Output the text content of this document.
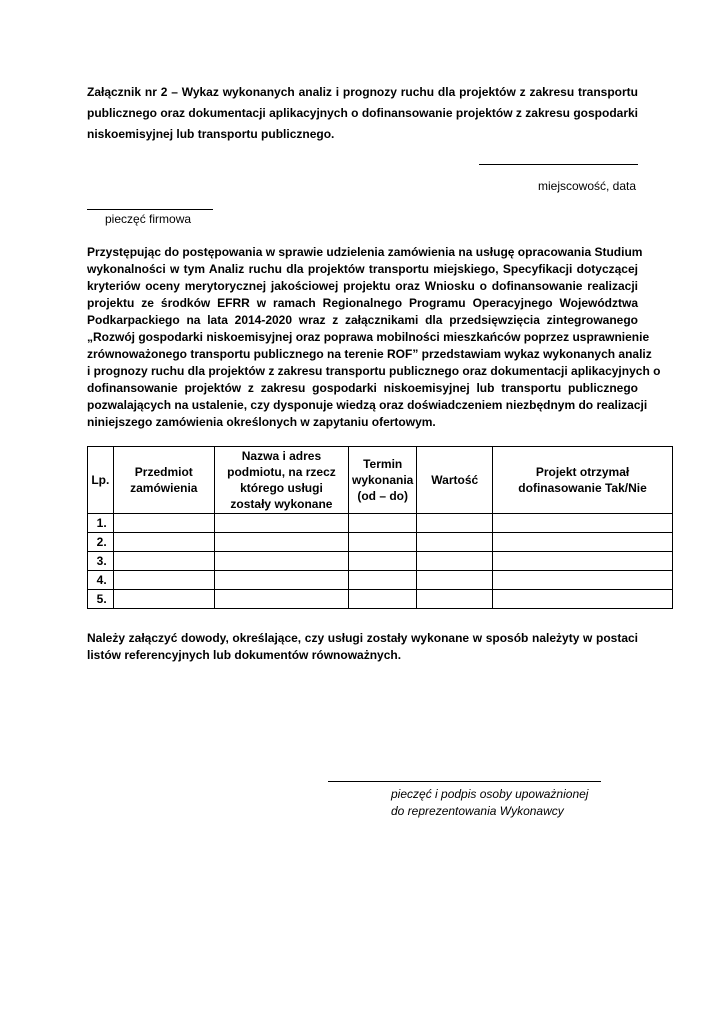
Załącznik nr 2 – Wykaz wykonanych analiz i prognozy ruchu dla projektów z zakresu transportu
publicznego oraz dokumentacji aplikacyjnych o dofinansowanie projektów z zakresu gospodarki
niskoemisyjnej lub transportu publicznego.
miejscowość, data
pieczęć firmowa
Przystępując do postępowania w sprawie udzielenia zamówienia na usługę opracowania Studium
wykonalności w tym Analiz ruchu dla projektów transportu miejskiego, Specyfikacji dotyczącej
kryteriów oceny merytorycznej jakościowej projektu oraz Wniosku o dofinansowanie realizacji
projektu ze środków EFRR w ramach Regionalnego Programu Operacyjnego Województwa
Podkarpackiego na lata 2014-2020 wraz z załącznikami dla przedsięwzięcia zintegrowanego
„Rozwój gospodarki niskoemisyjnej oraz poprawa mobilności mieszkańców poprzez usprawnienie
zrównoważonego transportu publicznego na terenie ROF” przedstawiam wykaz wykonanych analiz
i prognozy ruchu dla projektów z zakresu transportu publicznego oraz dokumentacji aplikacyjnych o
dofinansowanie projektów z zakresu gospodarki niskoemisyjnej lub transportu publicznego
pozwalających na ustalenie, czy dysponuje wiedzą oraz doświadczeniem niezbędnym do realizacji
niniejszego zamówienia określonych w zapytaniu ofertowym.
Lp.	Przedmiot zamówienia	Nazwa i adres podmiotu, na rzecz którego usługi zostały wykonane	Termin wykonania (od – do)	Wartość	Projekt otrzymał dofinasowanie Tak/Nie
1.					
2.					
3.					
4.					
5.					
Należy załączyć dowody, określające, czy usługi zostały wykonane w sposób należyty w postaci
listów referencyjnych lub dokumentów równoważnych.
pieczęć i podpis osoby upoważnionej
do reprezentowania Wykonawcy
